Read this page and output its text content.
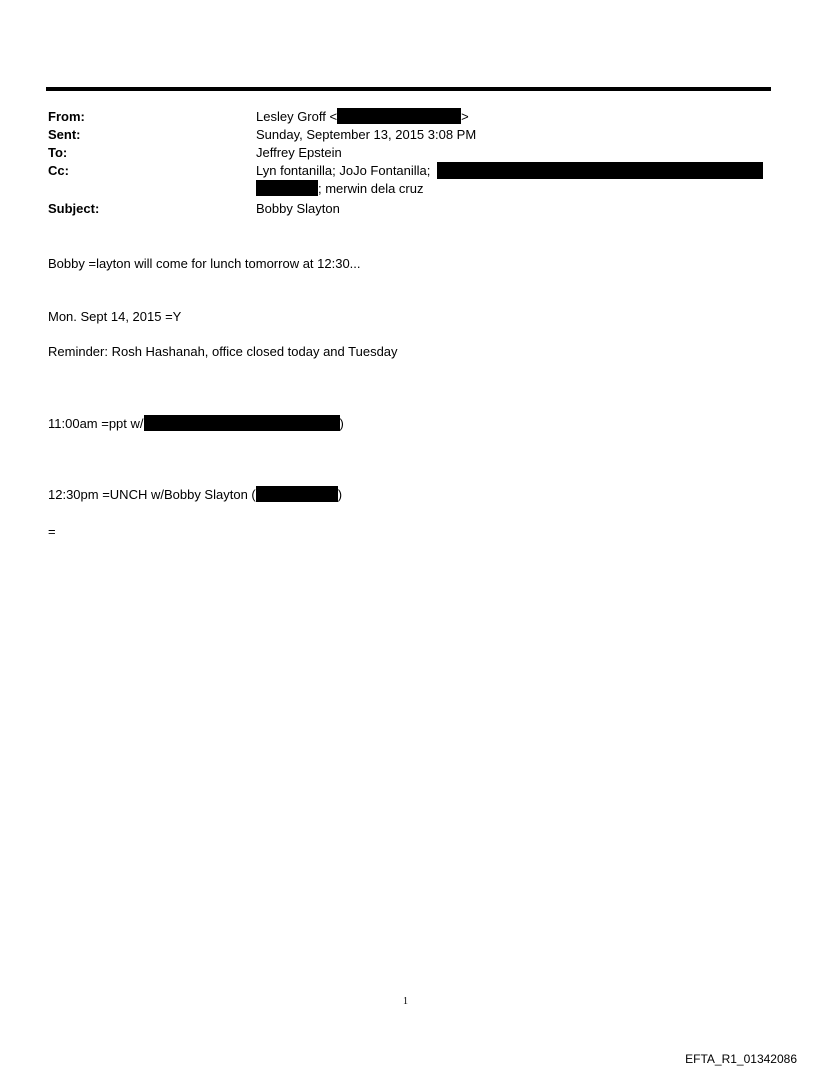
From:	Lesley Groff <	>
Sent:	Sunday, September 13, 2015 3:08 PM
To:	Jeffrey Epstein
Cc:	Lyn fontanilla; JoJo Fontanilla;
; merwin dela cruz
Subject:	Bobby Slayton
Bobby =layton will come for lunch tomorrow at 12:30...
Mon. Sept 14, 2015 =Y
Reminder: Rosh Hashanah, office closed today and Tuesday
11:00am =ppt w/	)
12:30pm =UNCH w/Bobby Slayton (	)
=
1
EFTA_R1_01342086
